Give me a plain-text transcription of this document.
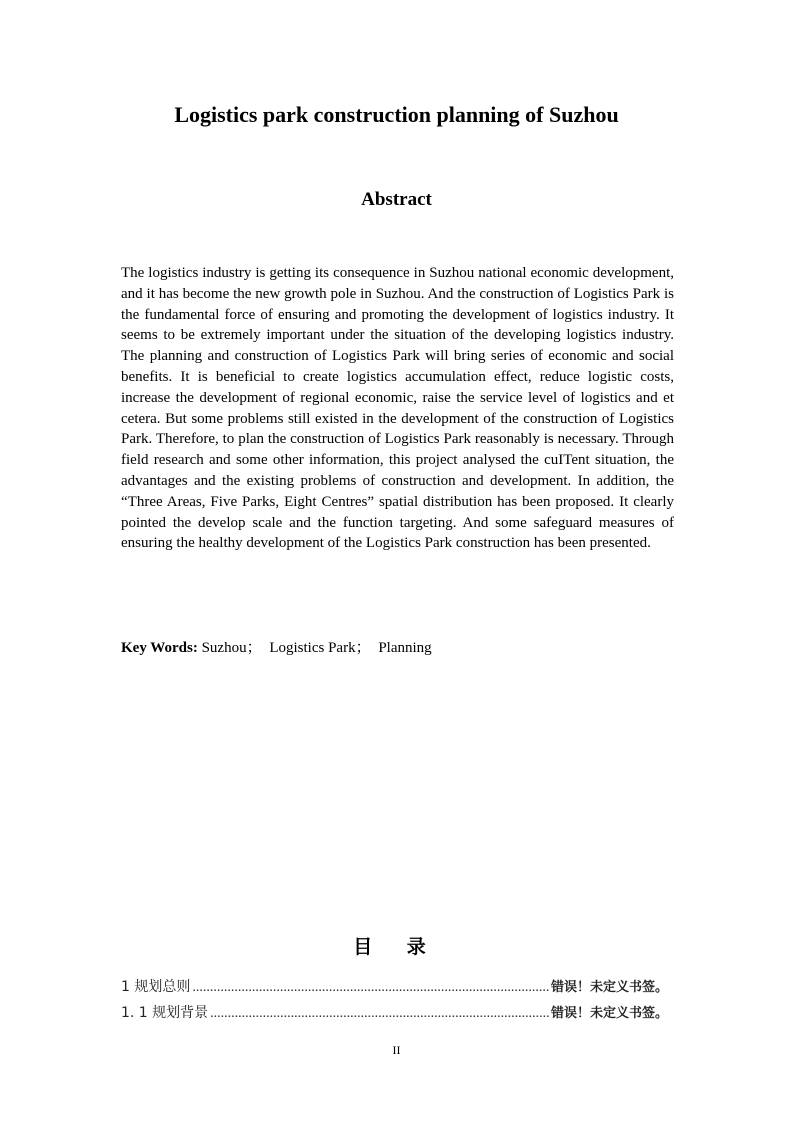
Logistics park construction planning of Suzhou
Abstract

The logistics industry is getting its consequence in Suzhou national economic development, and it has become the new growth pole in Suzhou. And the construction of Logistics Park is the fundamental force of ensuring and promoting the development of logistics industry. It seems to be extremely important under the situation of the developing logistics industry. The planning and construction of Logistics Park will bring series of economic and social benefits. It is beneficial to create logistics accumulation effect, reduce logistic costs, increase the development of regional economic, raise the service level of logistics and et cetera. But some problems still existed in the development of the construction of Logistics Park. Therefore, to plan the construction of Logistics Park reasonably is necessary. Through field research and some other information, this project analysed the cuITent situation, the advantages and the existing problems of construction and development. In addition, the “Three Areas, Five Parks, Eight Centres” spatial distribution has been proposed. It clearly pointed the develop scale and the function targeting. And some safeguard measures of ensuring the healthy development of the Logistics Park construction has been presented.

Key Words: Suzhou； Logistics Park； Planning
目 录
1 规划总则 .....	错误！未定义书签。
1. 1 规划背景 .....	错误！未定义书签。
II
